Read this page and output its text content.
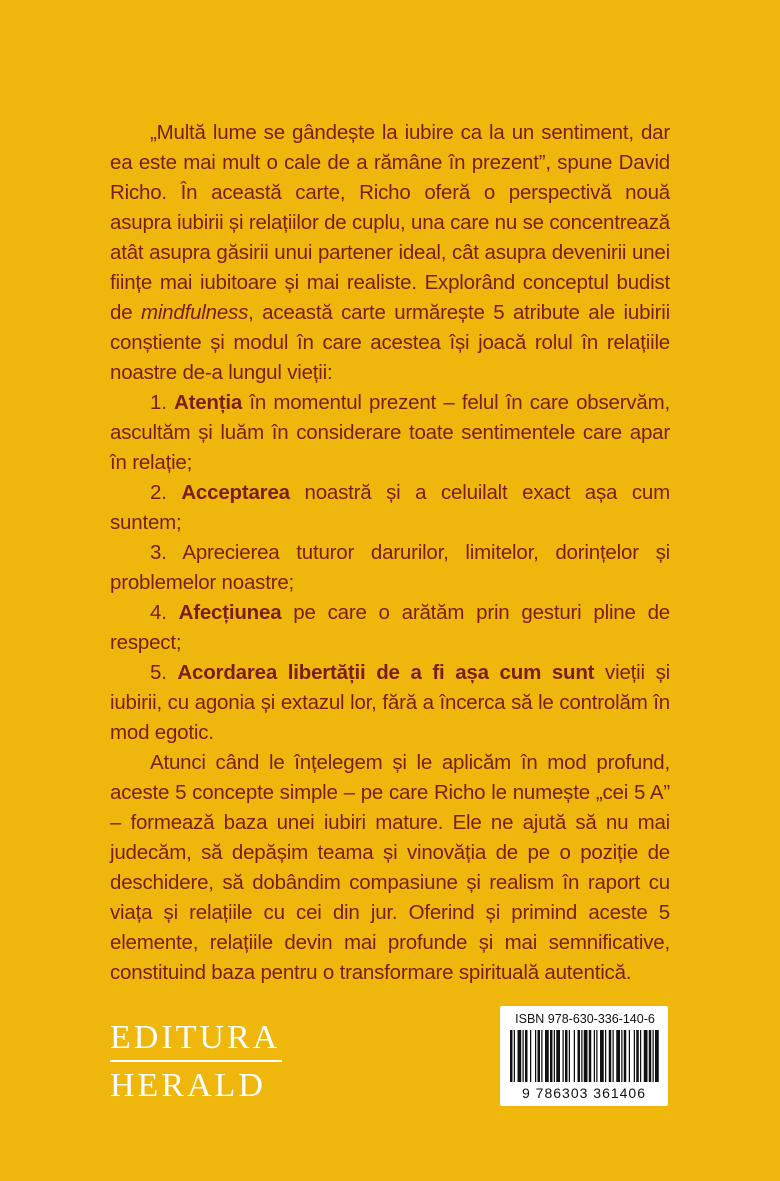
„Multă lume se gândește la iubire ca la un sentiment, dar ea este mai mult o cale de a rămâne în prezent”, spune David Richo. În această carte, Richo oferă o perspectivă nouă asupra iubirii și relațiilor de cuplu, una care nu se concentrează atât asupra găsirii unui partener ideal, cât asupra devenirii unei ființe mai iubitoare și mai realiste. Explorând conceptul budist de mindfulness, această carte urmărește 5 atribute ale iubirii conștiente și modul în care acestea își joacă rolul în relațiile noastre de-a lungul vieții:

1. Atenția în momentul prezent – felul în care observăm, ascultăm și luăm în considerare toate sentimentele care apar în relație;

2. Acceptarea noastră și a celuilalt exact așa cum suntem;

3. Aprecierea tuturor darurilor, limitelor, dorințelor și problemelor noastre;

4. Afecțiunea pe care o arătăm prin gesturi pline de respect;

5. Acordarea libertății de a fi așa cum sunt vieții și iubirii, cu agonia și extazul lor, fără a încerca să le controlăm în mod egotic.

Atunci când le înțelegem și le aplicăm în mod profund, aceste 5 concepte simple – pe care Richo le numește „cei 5 A” – formează baza unei iubiri mature. Ele ne ajută să nu mai judecăm, să depășim teama și vinovăția de pe o poziție de deschidere, să dobândim compasiune și realism în raport cu viața și relațiile cu cei din jur. Oferind și primind aceste 5 elemente, relațiile devin mai profunde și mai semnificative, constituind baza pentru o transformare spirituală autentică.

EDITURA
HERALD
ISBN 978-630-336-140-6
9 786303 361406
